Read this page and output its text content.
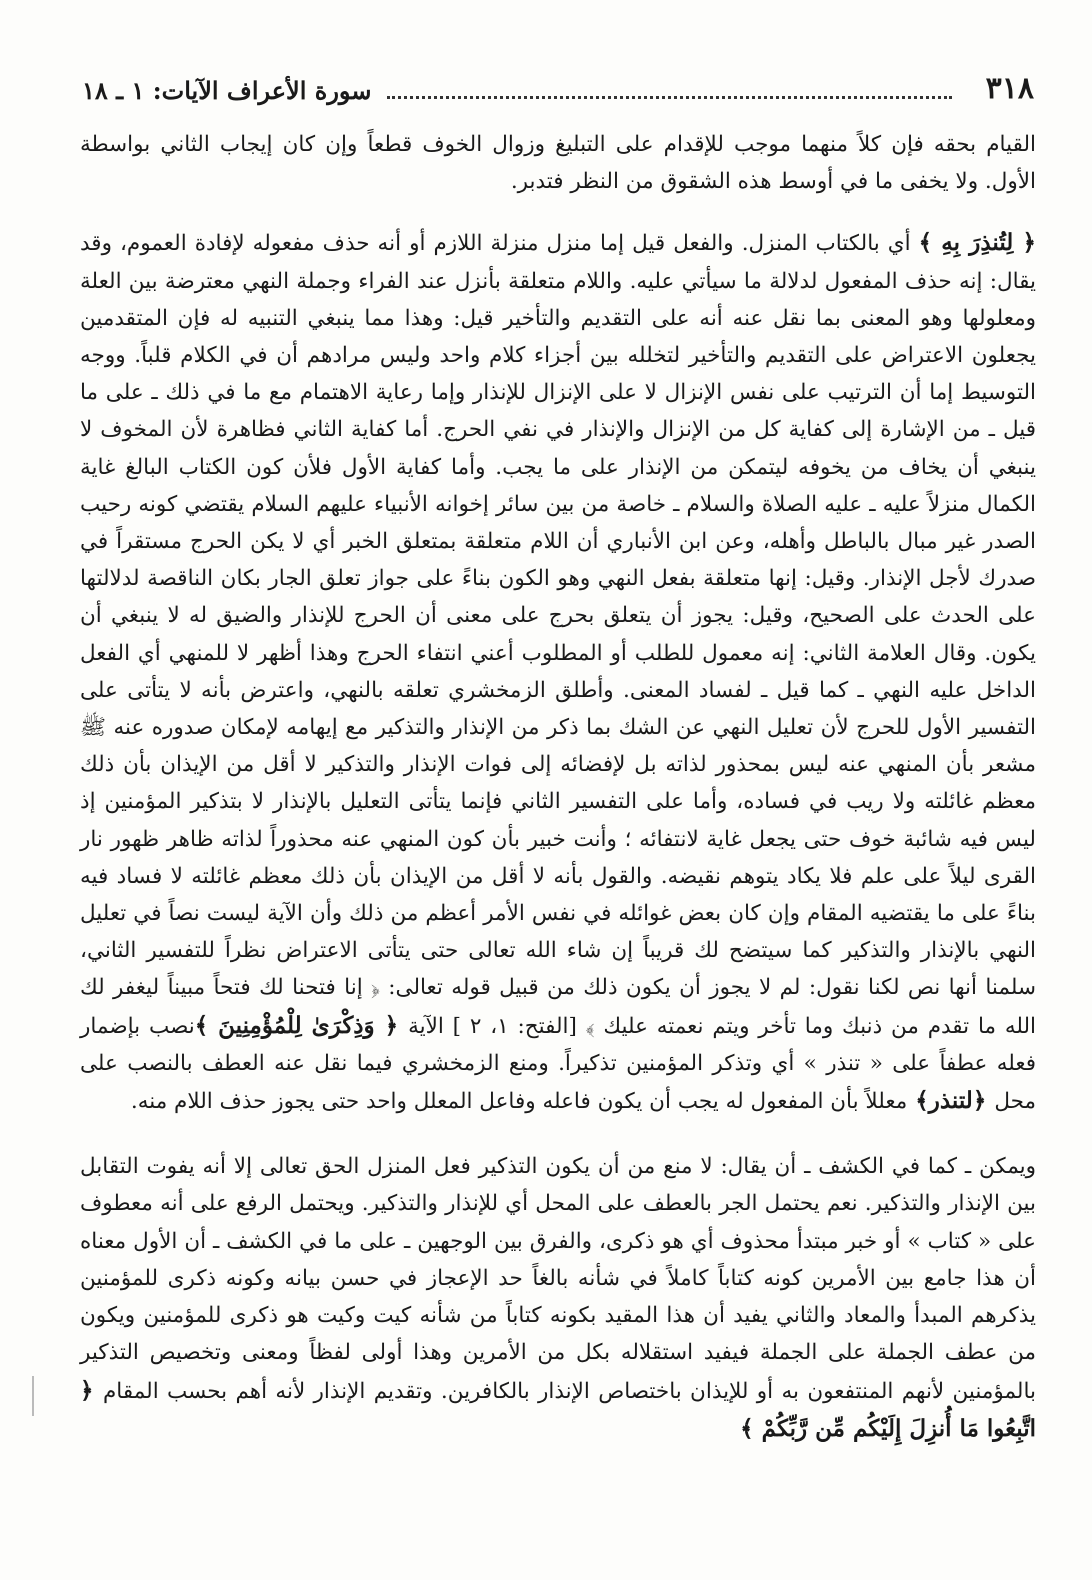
٣١٨
سورة الأعراف الآيات: ١ ـ ١٨

القيام بحقه فإن كلاً منهما موجب للإقدام على التبليغ وزوال الخوف قطعاً وإن كان إيجاب الثاني بواسطة الأول. ولا يخفى ما في أوسط هذه الشقوق من النظر فتدبر.

﴿ لِتُنذِرَ بِهِ ﴾ أي بالكتاب المنزل. والفعل قيل إما منزل منزلة اللازم أو أنه حذف مفعوله لإفادة العموم، وقد يقال: إنه حذف المفعول لدلالة ما سيأتي عليه. واللام متعلقة بأنزل عند الفراء وجملة النهي معترضة بين العلة ومعلولها وهو المعنى بما نقل عنه أنه على التقديم والتأخير قيل: وهذا مما ينبغي التنبيه له فإن المتقدمين يجعلون الاعتراض على التقديم والتأخير لتخلله بين أجزاء كلام واحد وليس مرادهم أن في الكلام قلباً. ووجه التوسيط إما أن الترتيب على نفس الإنزال لا على الإنزال للإنذار وإما رعاية الاهتمام مع ما في ذلك ـ على ما قيل ـ من الإشارة إلى كفاية كل من الإنزال والإنذار في نفي الحرج. أما كفاية الثاني فظاهرة لأن المخوف لا ينبغي أن يخاف من يخوفه ليتمكن من الإنذار على ما يجب. وأما كفاية الأول فلأن كون الكتاب البالغ غاية الكمال منزلاً عليه ـ عليه الصلاة والسلام ـ خاصة من بين سائر إخوانه الأنبياء عليهم السلام يقتضي كونه رحيب الصدر غير مبال بالباطل وأهله، وعن ابن الأنباري أن اللام متعلقة بمتعلق الخبر أي لا يكن الحرج مستقراً في صدرك لأجل الإنذار. وقيل: إنها متعلقة بفعل النهي وهو الكون بناءً على جواز تعلق الجار بكان الناقصة لدلالتها على الحدث على الصحيح، وقيل: يجوز أن يتعلق بحرج على معنى أن الحرج للإنذار والضيق له لا ينبغي أن يكون. وقال العلامة الثاني: إنه معمول للطلب أو المطلوب أعني انتفاء الحرج وهذا أظهر لا للمنهي أي الفعل الداخل عليه النهي ـ كما قيل ـ لفساد المعنى. وأطلق الزمخشري تعلقه بالنهي، واعترض بأنه لا يتأتى على التفسير الأول للحرج لأن تعليل النهي عن الشك بما ذكر من الإنذار والتذكير مع إيهامه لإمكان صدوره عنه ﷺ مشعر بأن المنهي عنه ليس بمحذور لذاته بل لإفضائه إلى فوات الإنذار والتذكير لا أقل من الإيذان بأن ذلك معظم غائلته ولا ريب في فساده، وأما على التفسير الثاني فإنما يتأتى التعليل بالإنذار لا بتذكير المؤمنين إذ ليس فيه شائبة خوف حتى يجعل غاية لانتفائه ؛ وأنت خبير بأن كون المنهي عنه محذوراً لذاته ظاهر ظهور نار القرى ليلاً على علم فلا يكاد يتوهم نقيضه. والقول بأنه لا أقل من الإيذان بأن ذلك معظم غائلته لا فساد فيه بناءً على ما يقتضيه المقام وإن كان بعض غوائله في نفس الأمر أعظم من ذلك وأن الآية ليست نصاً في تعليل النهي بالإنذار والتذكير كما سيتضح لك قريباً إن شاء الله تعالى حتى يتأتى الاعتراض نظراً للتفسير الثاني، سلمنا أنها نص لكنا نقول: لم لا يجوز أن يكون ذلك من قبيل قوله تعالى: ﴿ إنا فتحنا لك فتحاً مبيناً ليغفر لك الله ما تقدم من ذنبك وما تأخر ويتم نعمته عليك ﴾ [الفتح: ١، ٢ ] الآية ﴿ وَذِكْرَىٰ لِلْمُؤْمِنِينَ ﴾نصب بإضمار فعله عطفاً على « تنذر » أي وتذكر المؤمنين تذكيراً. ومنع الزمخشري فيما نقل عنه العطف بالنصب على محل ﴿لتنذر﴾ معللاً بأن المفعول له يجب أن يكون فاعله وفاعل المعلل واحد حتى يجوز حذف اللام منه.

ويمكن ـ كما في الكشف ـ أن يقال: لا منع من أن يكون التذكير فعل المنزل الحق تعالى إلا أنه يفوت التقابل بين الإنذار والتذكير. نعم يحتمل الجر بالعطف على المحل أي للإنذار والتذكير. ويحتمل الرفع على أنه معطوف على « كتاب » أو خبر مبتدأ محذوف أي هو ذكرى، والفرق بين الوجهين ـ على ما في الكشف ـ أن الأول معناه أن هذا جامع بين الأمرين كونه كتاباً كاملاً في شأنه بالغاً حد الإعجاز في حسن بيانه وكونه ذكرى للمؤمنين يذكرهم المبدأ والمعاد والثاني يفيد أن هذا المقيد بكونه كتاباً من شأنه كيت وكيت هو ذكرى للمؤمنين ويكون من عطف الجملة على الجملة فيفيد استقلاله بكل من الأمرين وهذا أولى لفظاً ومعنى وتخصيص التذكير بالمؤمنين لأنهم المنتفعون به أو للإيذان باختصاص الإنذار بالكافرين. وتقديم الإنذار لأنه أهم بحسب المقام ﴿ اتَّبِعُوا مَا أُنزِلَ إِلَيْكُم مِّن رَّبِّكُمْ ﴾
